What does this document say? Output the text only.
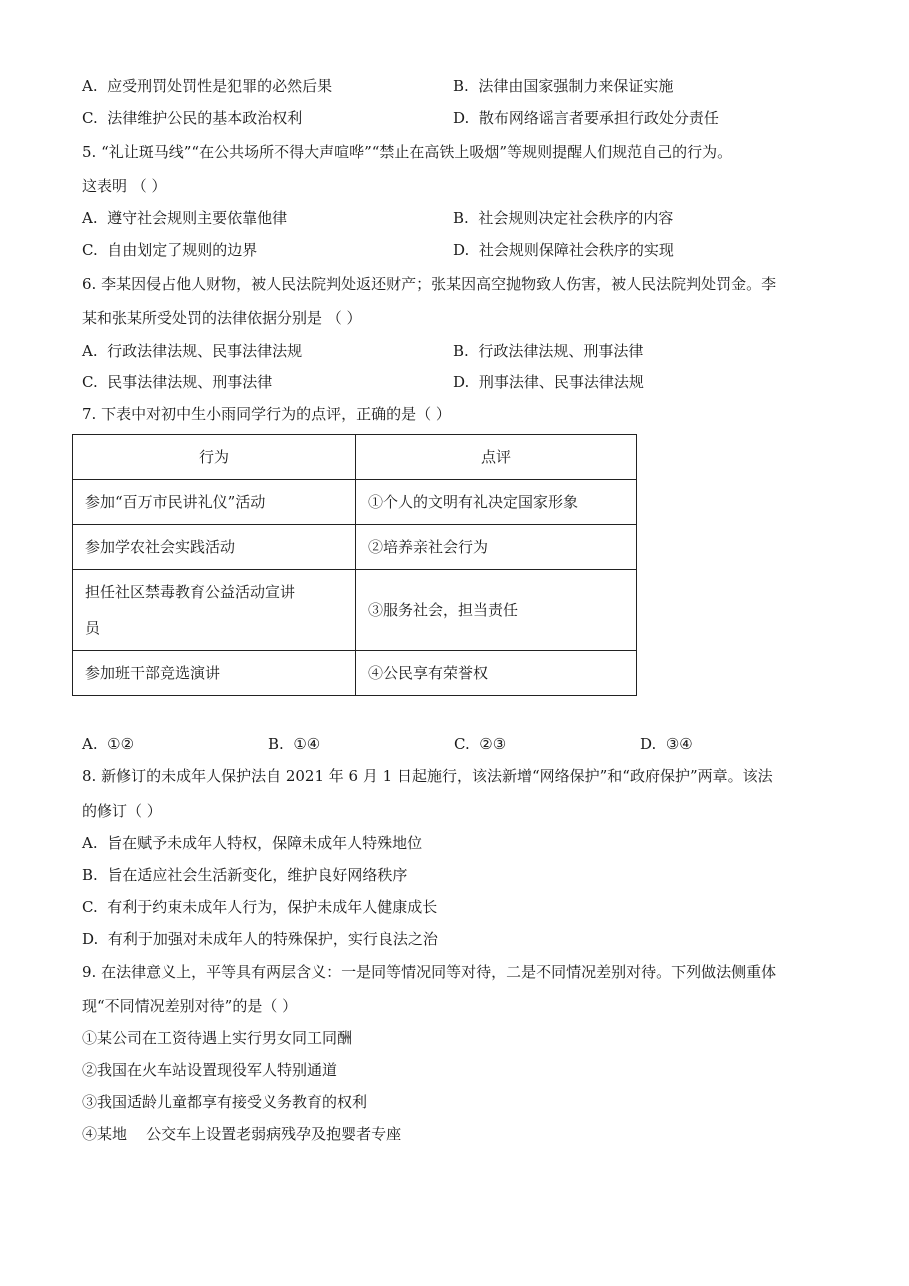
A. 应受刑罚处罚性是犯罪的必然后果	B. 法律由国家强制力来保证实施
C. 法律维护公民的基本政治权利	D. 散布网络谣言者要承担行政处分责任
5. “礼让斑马线”“在公共场所不得大声喧哗”“禁止在高铁上吸烟”等规则提醒人们规范自己的行为。
这表明 （ ）
A. 遵守社会规则主要依靠他律	B. 社会规则决定社会秩序的内容
C. 自由划定了规则的边界	D. 社会规则保障社会秩序的实现
6. 李某因侵占他人财物，被人民法院判处返还财产；张某因高空抛物致人伤害，被人民法院判处罚金。李
某和张某所受处罚的法律依据分别是 （ ）
A. 行政法律法规、民事法律法规	B. 行政法律法规、刑事法律
C. 民事法律法规、刑事法律	D. 刑事法律、民事法律法规
7. 下表中对初中生小雨同学行为的点评，正确的是（ ）
行为	点评
参加“百万市民讲礼仪”活动	①个人的文明有礼决定国家形象
参加学农社会实践活动	②培养亲社会行为
担任社区禁毒教育公益活动宣讲
员	③服务社会，担当责任
参加班干部竞选演讲	④公民享有荣誉权
A. ①②	B. ①④	C. ②③	D. ③④
8. 新修订的未成年人保护法自 2021 年 6 月 1 日起施行，该法新增“网络保护”和“政府保护”两章。该法
的修订（ ）
A. 旨在赋予未成年人特权，保障未成年人特殊地位
B. 旨在适应社会生活新变化，维护良好网络秩序
C. 有利于约束未成年人行为，保护未成年人健康成长
D. 有利于加强对未成年人的特殊保护，实行良法之治
9. 在法律意义上，平等具有两层含义：一是同等情况同等对待，二是不同情况差别对待。下列做法侧重体
现“不同情况差别对待”的是（ ）
①某公司在工资待遇上实行男女同工同酬
②我国在火车站设置现役军人特别通道
③我国适龄儿童都享有接受义务教育的权利
④某地    公交车上设置老弱病残孕及抱婴者专座
